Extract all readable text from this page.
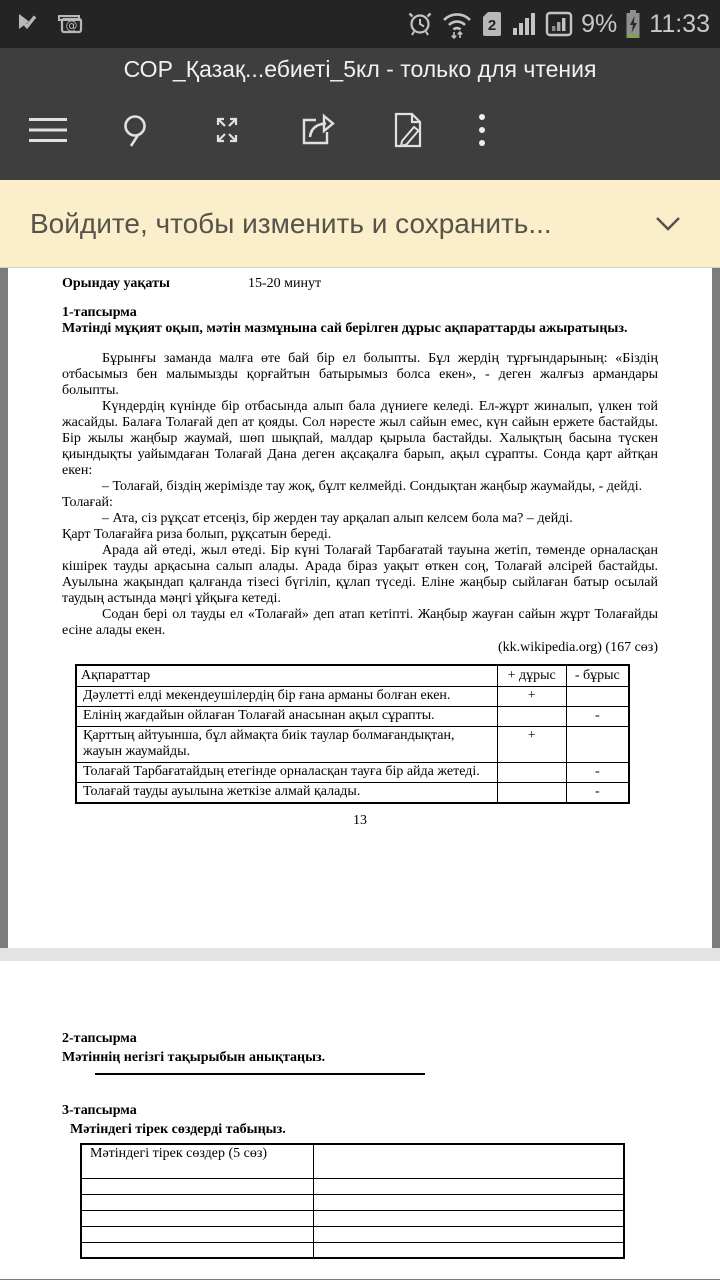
@	2	9% 11:33
СОР_Қазақ...ебиеті_5кл - только для чтения
Войдите, чтобы изменить и сохранить...
Орындау уақаты	15-20 минут
1-тапсырма
Мәтінді мұқият оқып, мәтін мазмұнына сай берілген дұрыс ақпараттарды ажыратыңыз.

Бұрынғы заманда малға өте бай бір ел болыпты. Бұл жердің тұрғындарының: «Біздің отбасымыз бен малымызды қорғайтын батырымыз болса екен», - деген жалғыз армандары болыпты.

Күндердің күнінде бір отбасында алып бала дүниеге келеді. Ел-жұрт жиналып, үлкен той жасайды. Балаға Толағай деп ат қояды. Сол нәресте жыл сайын емес, күн сайын ержете бастайды. Бір жылы жаңбыр жаумай, шөп шықпай, малдар қырыла бастайды. Халықтың басына түскен қиындықты уайымдаған Толағай Дана деген ақсақалға барып, ақыл сұрапты. Сонда қарт айтқан екен:

– Толағай, біздің жерімізде тау жоқ, бұлт келмейді. Сондықтан жаңбыр жаумайды, - дейді.

Толағай:

– Ата, сіз рұқсат етсеңіз, бір жерден тау арқалап алып келсем бола ма? – дейді.

Қарт Толағайға риза болып, рұқсатын береді.

Арада ай өтеді, жыл өтеді. Бір күні Толағай Тарбағатай тауына жетіп, төменде орналасқан кішірек тауды арқасына салып алады. Арада біраз уақыт өткен соң, Толағай әлсірей бастайды. Ауылына жақындап қалғанда тізесі бүгіліп, құлап түседі. Еліне жаңбыр сыйлаған батыр осылай таудың астында мәңгі ұйқыға кетеді.

Содан бері ол тауды ел «Толағай» деп атап кетіпті. Жаңбыр жауған сайын жұрт Толағайды есіне алады екен.

(kk.wikipedia.org) (167 сөз)
Ақпараттар	+ дұрыс	- бұрыс
Дәулетті елді мекендеушілердің бір ғана арманы болған екен.	+	
Елінің жағдайын ойлаған Толағай анасынан ақыл сұрапты.		-
Қарттың айтуынша, бұл аймақта биік таулар болмағандықтан, жауын жаумайды.	+	
Толағай Тарбағатайдың етегінде орналасқан тауға бір айда жетеді.		-
Толағай тауды ауылына жеткізе алмай қалады.		-
13
2-тапсырма
Мәтіннің негізгі тақырыбын анықтаңыз.
3-тапсырма
Мәтіндегі тірек сөздерді табыңыз.
Мәтіндегі тірек сөздер (5 сөз)	
